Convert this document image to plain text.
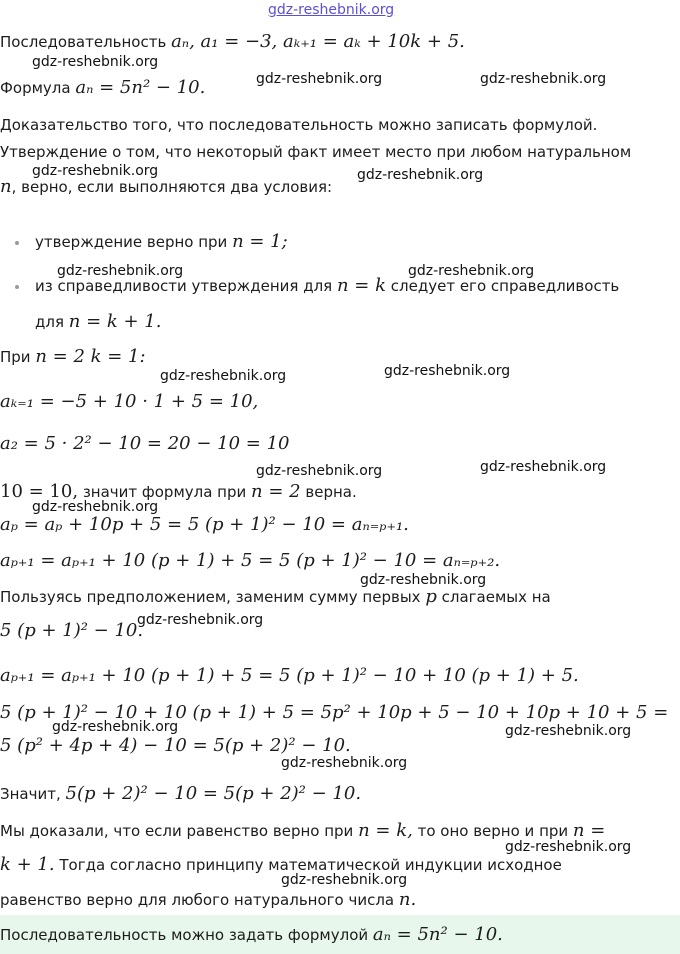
gdz-reshebnik.org
gdz-reshebnik.org
gdz-reshebnik.org	gdz-reshebnik.org
gdz-reshebnik.org	gdz-reshebnik.org
gdz-reshebnik.org	gdz-reshebnik.org
gdz-reshebnik.org	gdz-reshebnik.org
gdz-reshebnik.org	gdz-reshebnik.org
gdz-reshebnik.org
gdz-reshebnik.org
gdz-reshebnik.org
gdz-reshebnik.org	gdz-reshebnik.org
gdz-reshebnik.org
gdz-reshebnik.org
gdz-reshebnik.org
Последовательность aₙ, a₁ = −3, aₖ₊₁ = aₖ + 10k + 5.
Формула aₙ = 5n² − 10.
Доказательство того, что последовательность можно записать формулой.
Утверждение о том, что некоторый факт имеет место при любом натуральном
n, верно, если выполняются два условия:
утверждение верно при n = 1;
из справедливости утверждения для n = k следует его справедливость
для n = k + 1.
При n = 2 k = 1:
aₖ₌₁ = −5 + 10 · 1 + 5 = 10,
a₂ = 5 · 2² − 10 = 20 − 10 = 10
10 = 10, значит формула при n = 2 верна.
aₚ = aₚ + 10p + 5 = 5 (p + 1)² − 10 = aₙ₌ₚ₊₁.
aₚ₊₁ = aₚ₊₁ + 10 (p + 1) + 5 = 5 (p + 1)² − 10 = aₙ₌ₚ₊₂.
Пользуясь предположением, заменим сумму первых p слагаемых на
5 (p + 1)² − 10.
aₚ₊₁ = aₚ₊₁ + 10 (p + 1) + 5 = 5 (p + 1)² − 10 + 10 (p + 1) + 5.
5 (p + 1)² − 10 + 10 (p + 1) + 5 = 5p² + 10p + 5 − 10 + 10p + 10 + 5 =
5 (p² + 4p + 4) − 10 = 5(p + 2)² − 10.
Значит, 5(p + 2)² − 10 = 5(p + 2)² − 10.
Мы доказали, что если равенство верно при n = k, то оно верно и при n =
k + 1. Тогда согласно принципу математической индукции исходное
равенство верно для любого натурального числа n.
Последовательность можно задать формулой aₙ = 5n² − 10.
